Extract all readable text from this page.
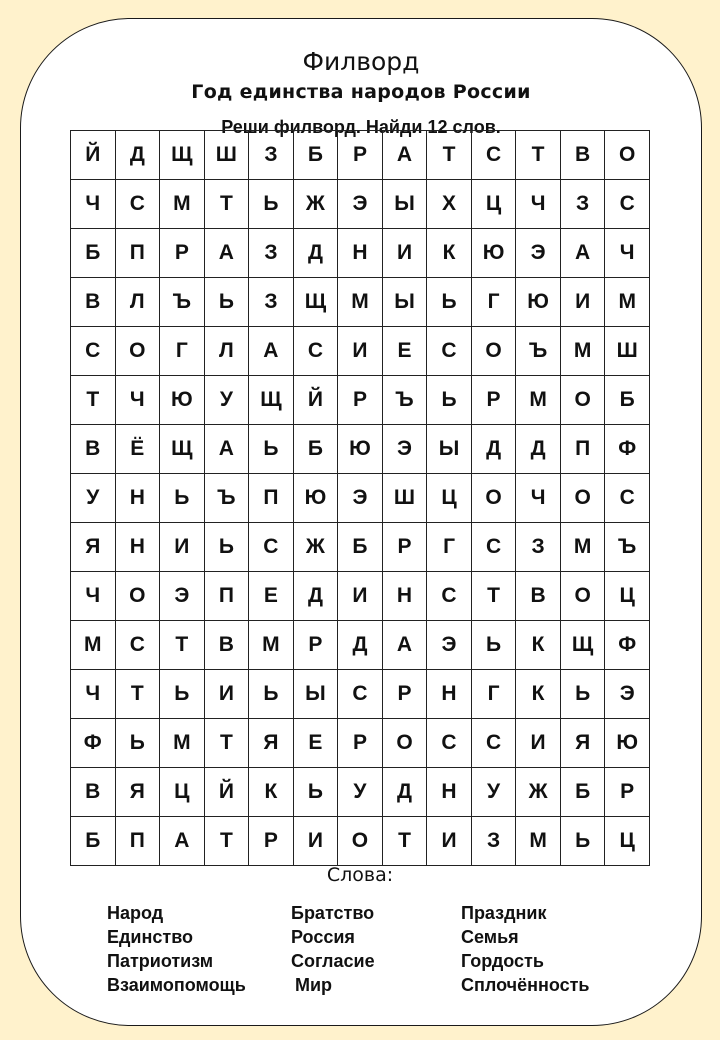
Филворд
Год единства народов России
Реши филворд. Найди 12 слов.
Й	Д	Щ	Ш	З	Б	Р	А	Т	С	Т	В	О
Ч	С	М	Т	Ь	Ж	Э	Ы	Х	Ц	Ч	З	С
Б	П	Р	А	З	Д	Н	И	К	Ю	Э	А	Ч
В	Л	Ъ	Ь	З	Щ	М	Ы	Ь	Г	Ю	И	М
С	О	Г	Л	А	С	И	Е	С	О	Ъ	М	Ш
Т	Ч	Ю	У	Щ	Й	Р	Ъ	Ь	Р	М	О	Б
В	Ё	Щ	А	Ь	Б	Ю	Э	Ы	Д	Д	П	Ф
У	Н	Ь	Ъ	П	Ю	Э	Ш	Ц	О	Ч	О	С
Я	Н	И	Ь	С	Ж	Б	Р	Г	С	З	М	Ъ
Ч	О	Э	П	Е	Д	И	Н	С	Т	В	О	Ц
М	С	Т	В	М	Р	Д	А	Э	Ь	К	Щ	Ф
Ч	Т	Ь	И	Ь	Ы	С	Р	Н	Г	К	Ь	Э
Ф	Ь	М	Т	Я	Е	Р	О	С	С	И	Я	Ю
В	Я	Ц	Й	К	Ь	У	Д	Н	У	Ж	Б	Р
Б	П	А	Т	Р	И	О	Т	И	З	М	Ь	Ц
Слова:
Народ
Единство
Патриотизм
Взаимопомощь
Братство
Россия
Согласие
Мир
Праздник
Семья
Гордость
Сплочённость
